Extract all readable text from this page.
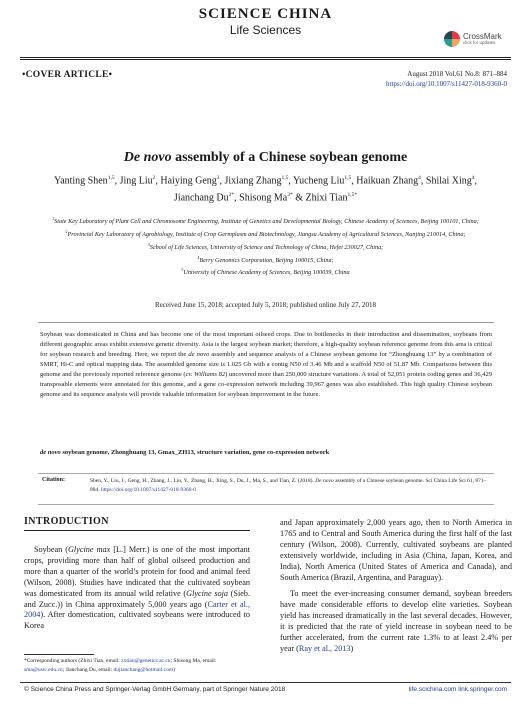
SCIENCE CHINA
Life Sciences	CrossMark
click for updates
•COVER ARTICLE•	August 2018 Vol.61 No.8: 871–884
https://doi.org/10.1007/s11427-018-9360-0
De novo assembly of a Chinese soybean genome
Yanting Shen$^{1,5}$, Jing Liu$^2$, Haiying Geng$^3$, Jixiang Zhang$^{1,5}$, Yucheng Liu$^{1,5}$, Haikuan Zhang$^4$, Shilai Xing$^4$, Jianchang $Du^{2*}$, Shisong $Ma^{3*}$ & Zhixi Tian$^{1,5*}$
$^1$State Key Laboratory of Plant Cell and Chromosome Engineering, Institute of Genetics and Developmental Biology, Chinese Academy of Sciences, Beijing 100101, China;
$^2$Provincial Key Laboratory of Agrobiology, Institute of Crop Germplasm and Biotechnology, Jiangsu Academy of Agricultural Sciences, Nanjing 210014, China;
$^3$School of Life Sciences, University of Science and Technology of China, Hefei 230027, China;
$^4$Berry Genomics Corporation, Beijing 100015, China;
$^5$University of Chinese Academy of Sciences, Beijing 100039, China
Received June 15, 2018; accepted July 5, 2018; published online July 27, 2018
Soybean was domesticated in China and has become one of the most important oilseed crops. Due to bottlenecks in their introduction and dissemination, soybeans from different geographic areas exhibit extensive genetic diversity. Asia is the largest soybean market; therefore, a high-quality soybean reference genome from this area is critical for soybean research and breeding. Here, we report the de novo assembly and sequence analysis of a Chinese soybean genome for “Zhonghuang 13” by a combination of SMRT, Hi-C and optical mapping data. The assembled genome size is 1.025 Gb with a contig N50 of 3.46 Mb and a scaffold N50 of 51.87 Mb. Comparisons between this genome and the previously reported reference genome (cv. Williams 82) uncovered more than 250,000 structure variations. A total of 52,051 protein coding genes and 36,429 transposable elements were annotated for this genome, and a gene co-expression network including 39,967 genes was also established. This high quality Chinese soybean genome and its sequence analysis will provide valuable information for soybean improvement in the future.
de novo soybean genome, Zhonghuang 13, Gmax_ZH13, structure variation, gene co-expression network
Citation:	Shen, Y., Liu, J., Geng, H., Zhang, J., Liu, Y., Zhang, H., Xing, S., Du, J., Ma, S., and Tian, Z. (2018). De novo assembly of a Chinese soybean genome. Sci China Life Sci 61, 871–884. https://doi.org/10.1007/s11427-018-9360-0
INTRODUCTION

Soybean (Glycine max [L.] Merr.) is one of the most important crops, providing more than half of global oilseed production and more than a quarter of the world’s protein for food and animal feed (Wilson, 2008). Studies have indicated that the cultivated soybean was domesticated from its annual wild relative (Glycine soja (Sieb. and Zucc.)) in China approximately 5,000 years ago (Carter et al., 2004). After domestication, cultivated soybeans were introduced to Korea

and Japan approximately 2,000 years ago, then to North America in 1765 and to Central and South America during the first half of the last century (Wilson, 2008). Currently, cultivated soybeans are planted extensively worldwide, including in Asia (China, Japan, Korea, and India), North America (United States of America and Canada), and South America (Brazil, Argentina, and Paraguay).

To meet the ever-increasing consumer demand, soybean breeders have made considerable efforts to develop elite varieties. Soybean yield has increased dramatically in the last several decades. However, it is predicted that the rate of yield increase in soybean need to be further accelerated, from the current rate 1.3% to at least 2.4% per year (Ray et al., 2013)

*Corresponding authors (Zhixi Tian, email: zxtian@genetics.ac.cn; Shisong Ma, email: sma@ustc.edu.cn; Jianchang Du, email: dujianchang@hotmail.com)
© Science China Press and Springer-Verlag GmbH Germany, part of Springer Nature 2018	life.scichina.com link.springer.com
